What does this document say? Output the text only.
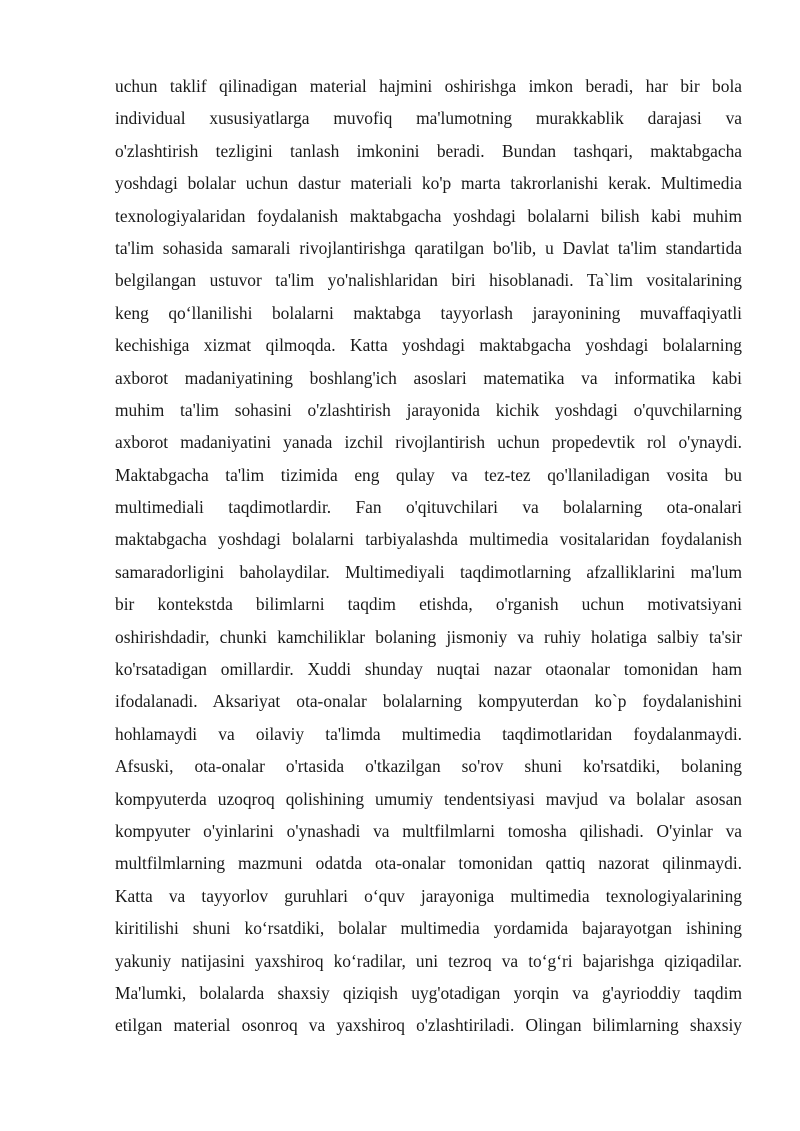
uchun taklif qilinadigan material hajmini oshirishga imkon beradi, har bir bola
individual xususiyatlarga muvofiq ma'lumotning murakkablik darajasi va
o'zlashtirish tezligini tanlash imkonini beradi. Bundan tashqari, maktabgacha
yoshdagi bolalar uchun dastur materiali ko'p marta takrorlanishi kerak. Multimedia
texnologiyalaridan foydalanish maktabgacha yoshdagi bolalarni bilish kabi muhim
ta'lim sohasida samarali rivojlantirishga qaratilgan bo'lib, u Davlat ta'lim standartida
belgilangan ustuvor ta'lim yo'nalishlaridan biri hisoblanadi. Ta`lim vositalarining
keng qo‘llanilishi bolalarni maktabga tayyorlash jarayonining muvaffaqiyatli
kechishiga xizmat qilmoqda. Katta yoshdagi maktabgacha yoshdagi bolalarning
axborot madaniyatining boshlang'ich asoslari matematika va informatika kabi
muhim ta'lim sohasini o'zlashtirish jarayonida kichik yoshdagi o'quvchilarning
axborot madaniyatini yanada izchil rivojlantirish uchun propedevtik rol o'ynaydi.
Maktabgacha ta'lim tizimida eng qulay va tez-tez qo'llaniladigan vosita bu
multimediali taqdimotlardir. Fan o'qituvchilari va bolalarning ota-onalari
maktabgacha yoshdagi bolalarni tarbiyalashda multimedia vositalaridan foydalanish
samaradorligini baholaydilar. Multimediyali taqdimotlarning afzalliklarini ma'lum
bir kontekstda bilimlarni taqdim etishda, o'rganish uchun motivatsiyani
oshirishdadir, chunki kamchiliklar bolaning jismoniy va ruhiy holatiga salbiy ta'sir
ko'rsatadigan omillardir. Xuddi shunday nuqtai nazar otaonalar tomonidan ham
ifodalanadi. Aksariyat ota-onalar bolalarning kompyuterdan ko`p foydalanishini
hohlamaydi va oilaviy ta'limda multimedia taqdimotlaridan foydalanmaydi.
Afsuski, ota-onalar o'rtasida o'tkazilgan so'rov shuni ko'rsatdiki, bolaning
kompyuterda uzoqroq qolishining umumiy tendentsiyasi mavjud va bolalar asosan
kompyuter o'yinlarini o'ynashadi va multfilmlarni tomosha qilishadi. O'yinlar va
multfilmlarning mazmuni odatda ota-onalar tomonidan qattiq nazorat qilinmaydi.
Katta va tayyorlov guruhlari o‘quv jarayoniga multimedia texnologiyalarining
kiritilishi shuni ko‘rsatdiki, bolalar multimedia yordamida bajarayotgan ishining
yakuniy natijasini yaxshiroq ko‘radilar, uni tezroq va to‘g‘ri bajarishga qiziqadilar.
Ma'lumki, bolalarda shaxsiy qiziqish uyg'otadigan yorqin va g'ayrioddiy taqdim
etilgan material osonroq va yaxshiroq o'zlashtiriladi. Olingan bilimlarning shaxsiy
